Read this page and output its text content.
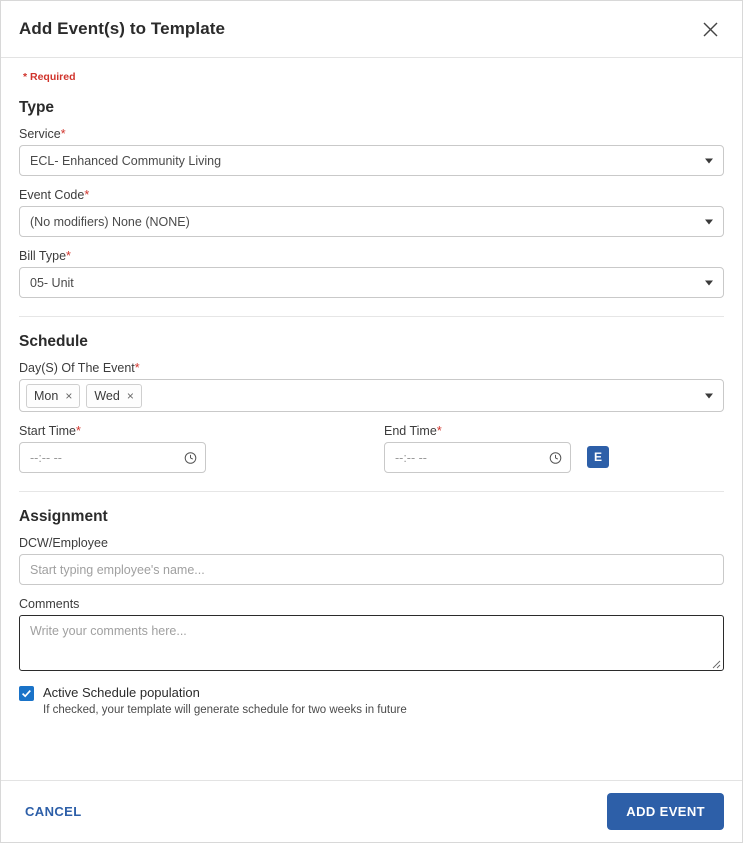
Add Event(s) to Template
* Required
Type
Service*
ECL- Enhanced Community Living
Event Code*
(No modifiers) None (NONE)
Bill Type*
05- Unit
Schedule
Day(S) Of The Event*
Mon × Wed ×
Start Time*
--:-- --
End Time*
--:-- --	E
Assignment
DCW/Employee
Start typing employee's name...
Comments
Write your comments here...
Active Schedule population
If checked, your template will generate schedule for two weeks in future
CANCEL	ADD EVENT
